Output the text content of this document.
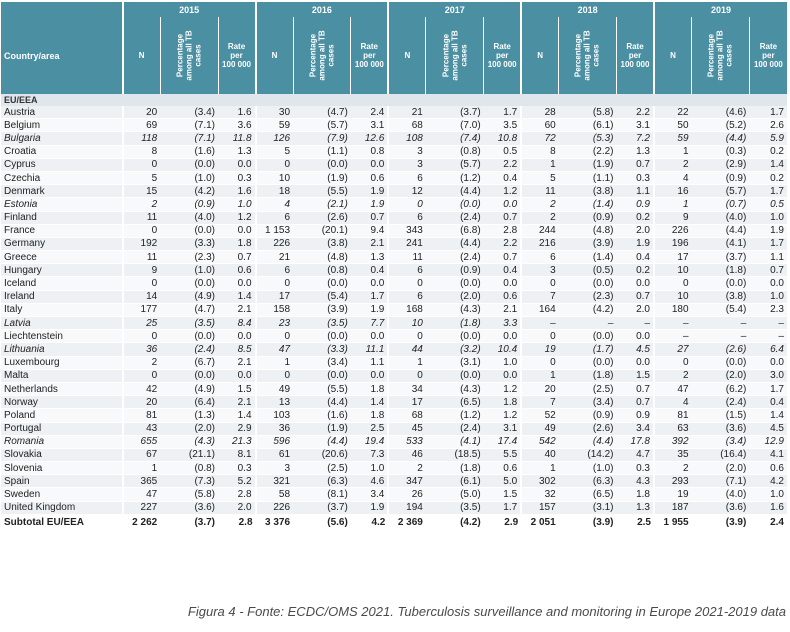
	2015			2016			2017			2018			2019		
Country/area	N	Percentage
among all TB
cases	Rate
per
100 000	N	Percentage
among all TB
cases	Rate
per
100 000	N	Percentage
among all TB
cases	Rate
per
100 000	N	Percentage
among all TB
cases	Rate
per
100 000	N	Percentage
among all TB
cases	Rate
per
100 000
EU/EEA															
Austria	20	(3.4)	1.6	30	(4.7)	2.4	21	(3.7)	1.7	28	(5.8)	2.2	22	(4.6)	1.7
Belgium	69	(7.1)	3.6	59	(5.7)	3.1	68	(7.0)	3.5	60	(6.1)	3.1	50	(5.2)	2.6
Bulgaria	118	(7.1)	11.8	126	(7.9)	12.6	108	(7.4)	10.8	72	(5.3)	7.2	59	(4.4)	5.9
Croatia	8	(1.6)	1.3	5	(1.1)	0.8	3	(0.8)	0.5	8	(2.2)	1.3	1	(0.3)	0.2
Cyprus	0	(0.0)	0.0	0	(0.0)	0.0	3	(5.7)	2.2	1	(1.9)	0.7	2	(2.9)	1.4
Czechia	5	(1.0)	0.3	10	(1.9)	0.6	6	(1.2)	0.4	5	(1.1)	0.3	4	(0.9)	0.2
Denmark	15	(4.2)	1.6	18	(5.5)	1.9	12	(4.4)	1.2	11	(3.8)	1.1	16	(5.7)	1.7
Estonia	2	(0.9)	1.0	4	(2.1)	1.9	0	(0.0)	0.0	2	(1.4)	0.9	1	(0.7)	0.5
Finland	11	(4.0)	1.2	6	(2.6)	0.7	6	(2.4)	0.7	2	(0.9)	0.2	9	(4.0)	1.0
France	0	(0.0)	0.0	1 153	(20.1)	9.4	343	(6.8)	2.8	244	(4.8)	2.0	226	(4.4)	1.9
Germany	192	(3.3)	1.8	226	(3.8)	2.1	241	(4.4)	2.2	216	(3.9)	1.9	196	(4.1)	1.7
Greece	11	(2.3)	0.7	21	(4.8)	1.3	11	(2.4)	0.7	6	(1.4)	0.4	17	(3.7)	1.1
Hungary	9	(1.0)	0.6	6	(0.8)	0.4	6	(0.9)	0.4	3	(0.5)	0.2	10	(1.8)	0.7
Iceland	0	(0.0)	0.0	0	(0.0)	0.0	0	(0.0)	0.0	0	(0.0)	0.0	0	(0.0)	0.0
Ireland	14	(4.9)	1.4	17	(5.4)	1.7	6	(2.0)	0.6	7	(2.3)	0.7	10	(3.8)	1.0
Italy	177	(4.7)	2.1	158	(3.9)	1.9	168	(4.3)	2.1	164	(4.2)	2.0	180	(5.4)	2.3
Latvia	25	(3.5)	8.4	23	(3.5)	7.7	10	(1.8)	3.3	–	–	–	–	–	–
Liechtenstein	0	(0.0)	0.0	0	(0.0)	0.0	0	(0.0)	0.0	0	(0.0)	0.0	–	–	–
Lithuania	36	(2.4)	8.5	47	(3.3)	11.1	44	(3.2)	10.4	19	(1.7)	4.5	27	(2.6)	6.4
Luxembourg	2	(6.7)	2.1	1	(3.4)	1.1	1	(3.1)	1.0	0	(0.0)	0.0	0	(0.0)	0.0
Malta	0	(0.0)	0.0	0	(0.0)	0.0	0	(0.0)	0.0	1	(1.8)	1.5	2	(2.0)	3.0
Netherlands	42	(4.9)	1.5	49	(5.5)	1.8	34	(4.3)	1.2	20	(2.5)	0.7	47	(6.2)	1.7
Norway	20	(6.4)	2.1	13	(4.4)	1.4	17	(6.5)	1.8	7	(3.4)	0.7	4	(2.4)	0.4
Poland	81	(1.3)	1.4	103	(1.6)	1.8	68	(1.2)	1.2	52	(0.9)	0.9	81	(1.5)	1.4
Portugal	43	(2.0)	2.9	36	(1.9)	2.5	45	(2.4)	3.1	49	(2.6)	3.4	63	(3.6)	4.5
Romania	655	(4.3)	21.3	596	(4.4)	19.4	533	(4.1)	17.4	542	(4.4)	17.8	392	(3.4)	12.9
Slovakia	67	(21.1)	8.1	61	(20.6)	7.3	46	(18.5)	5.5	40	(14.2)	4.7	35	(16.4)	4.1
Slovenia	1	(0.8)	0.3	3	(2.5)	1.0	2	(1.8)	0.6	1	(1.0)	0.3	2	(2.0)	0.6
Spain	365	(7.3)	5.2	321	(6.3)	4.6	347	(6.1)	5.0	302	(6.3)	4.3	293	(7.1)	4.2
Sweden	47	(5.8)	2.8	58	(8.1)	3.4	26	(5.0)	1.5	32	(6.5)	1.8	19	(4.0)	1.0
United Kingdom	227	(3.6)	2.0	226	(3.7)	1.9	194	(3.5)	1.7	157	(3.1)	1.3	187	(3.6)	1.6
Subtotal EU/EEA	2 262	(3.7)	2.8	3 376	(5.6)	4.2	2 369	(4.2)	2.9	2 051	(3.9)	2.5	1 955	(3.9)	2.4
Figura 4 - Fonte: ECDC/OMS 2021. Tuberculosis surveillance and monitoring in Europe 2021-2019 data
